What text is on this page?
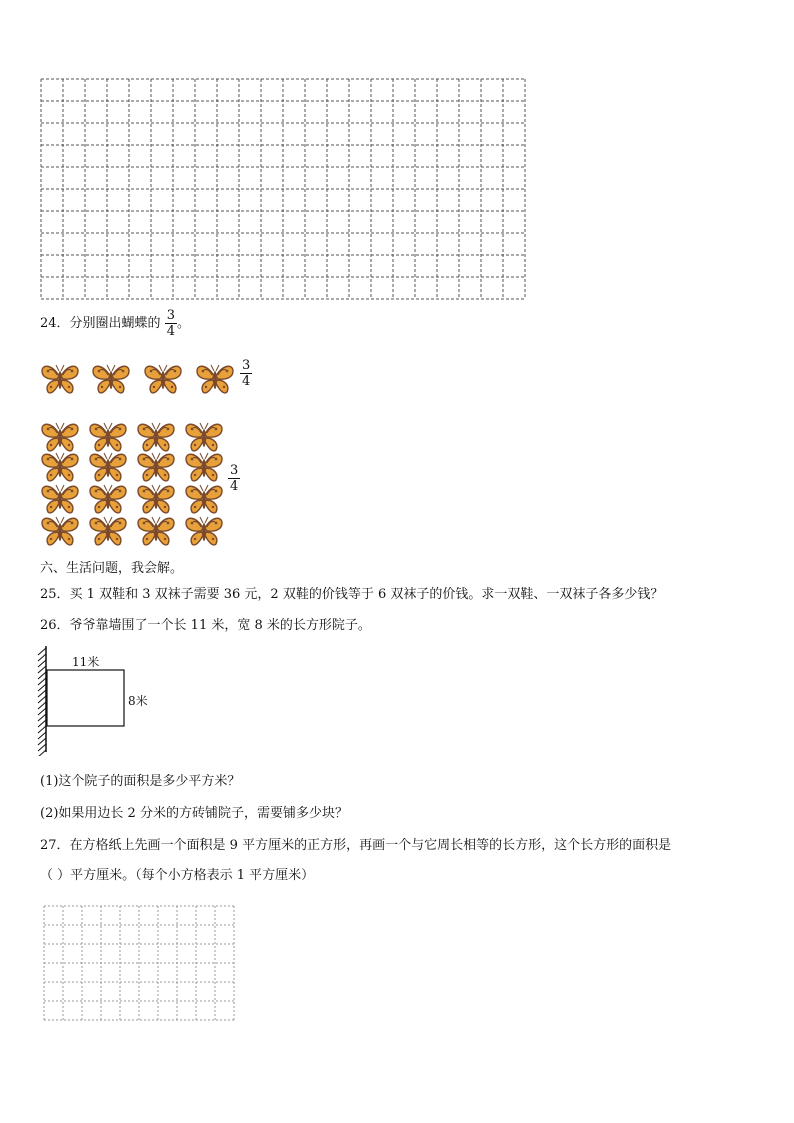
24．分别圈出蝴蝶的 $\frac{3}{4}$ 。
$\frac{3}{4}$
$\frac{3}{4}$
六、生活问题，我会解。
25．买 1 双鞋和 3 双袜子需要 36 元，2 双鞋的价钱等于 6 双袜子的价钱。求一双鞋、一双袜子各多少钱？
26．爷爷靠墙围了一个长 11 米，宽 8 米的长方形院子。
11米
8米
(1)这个院子的面积是多少平方米？
(2)如果用边长 2 分米的方砖铺院子，需要铺多少块？
27．在方格纸上先画一个面积是 9 平方厘米的正方形，再画一个与它周长相等的长方形，这个长方形的面积是
（ ）平方厘米。（每个小方格表示 1 平方厘米）
